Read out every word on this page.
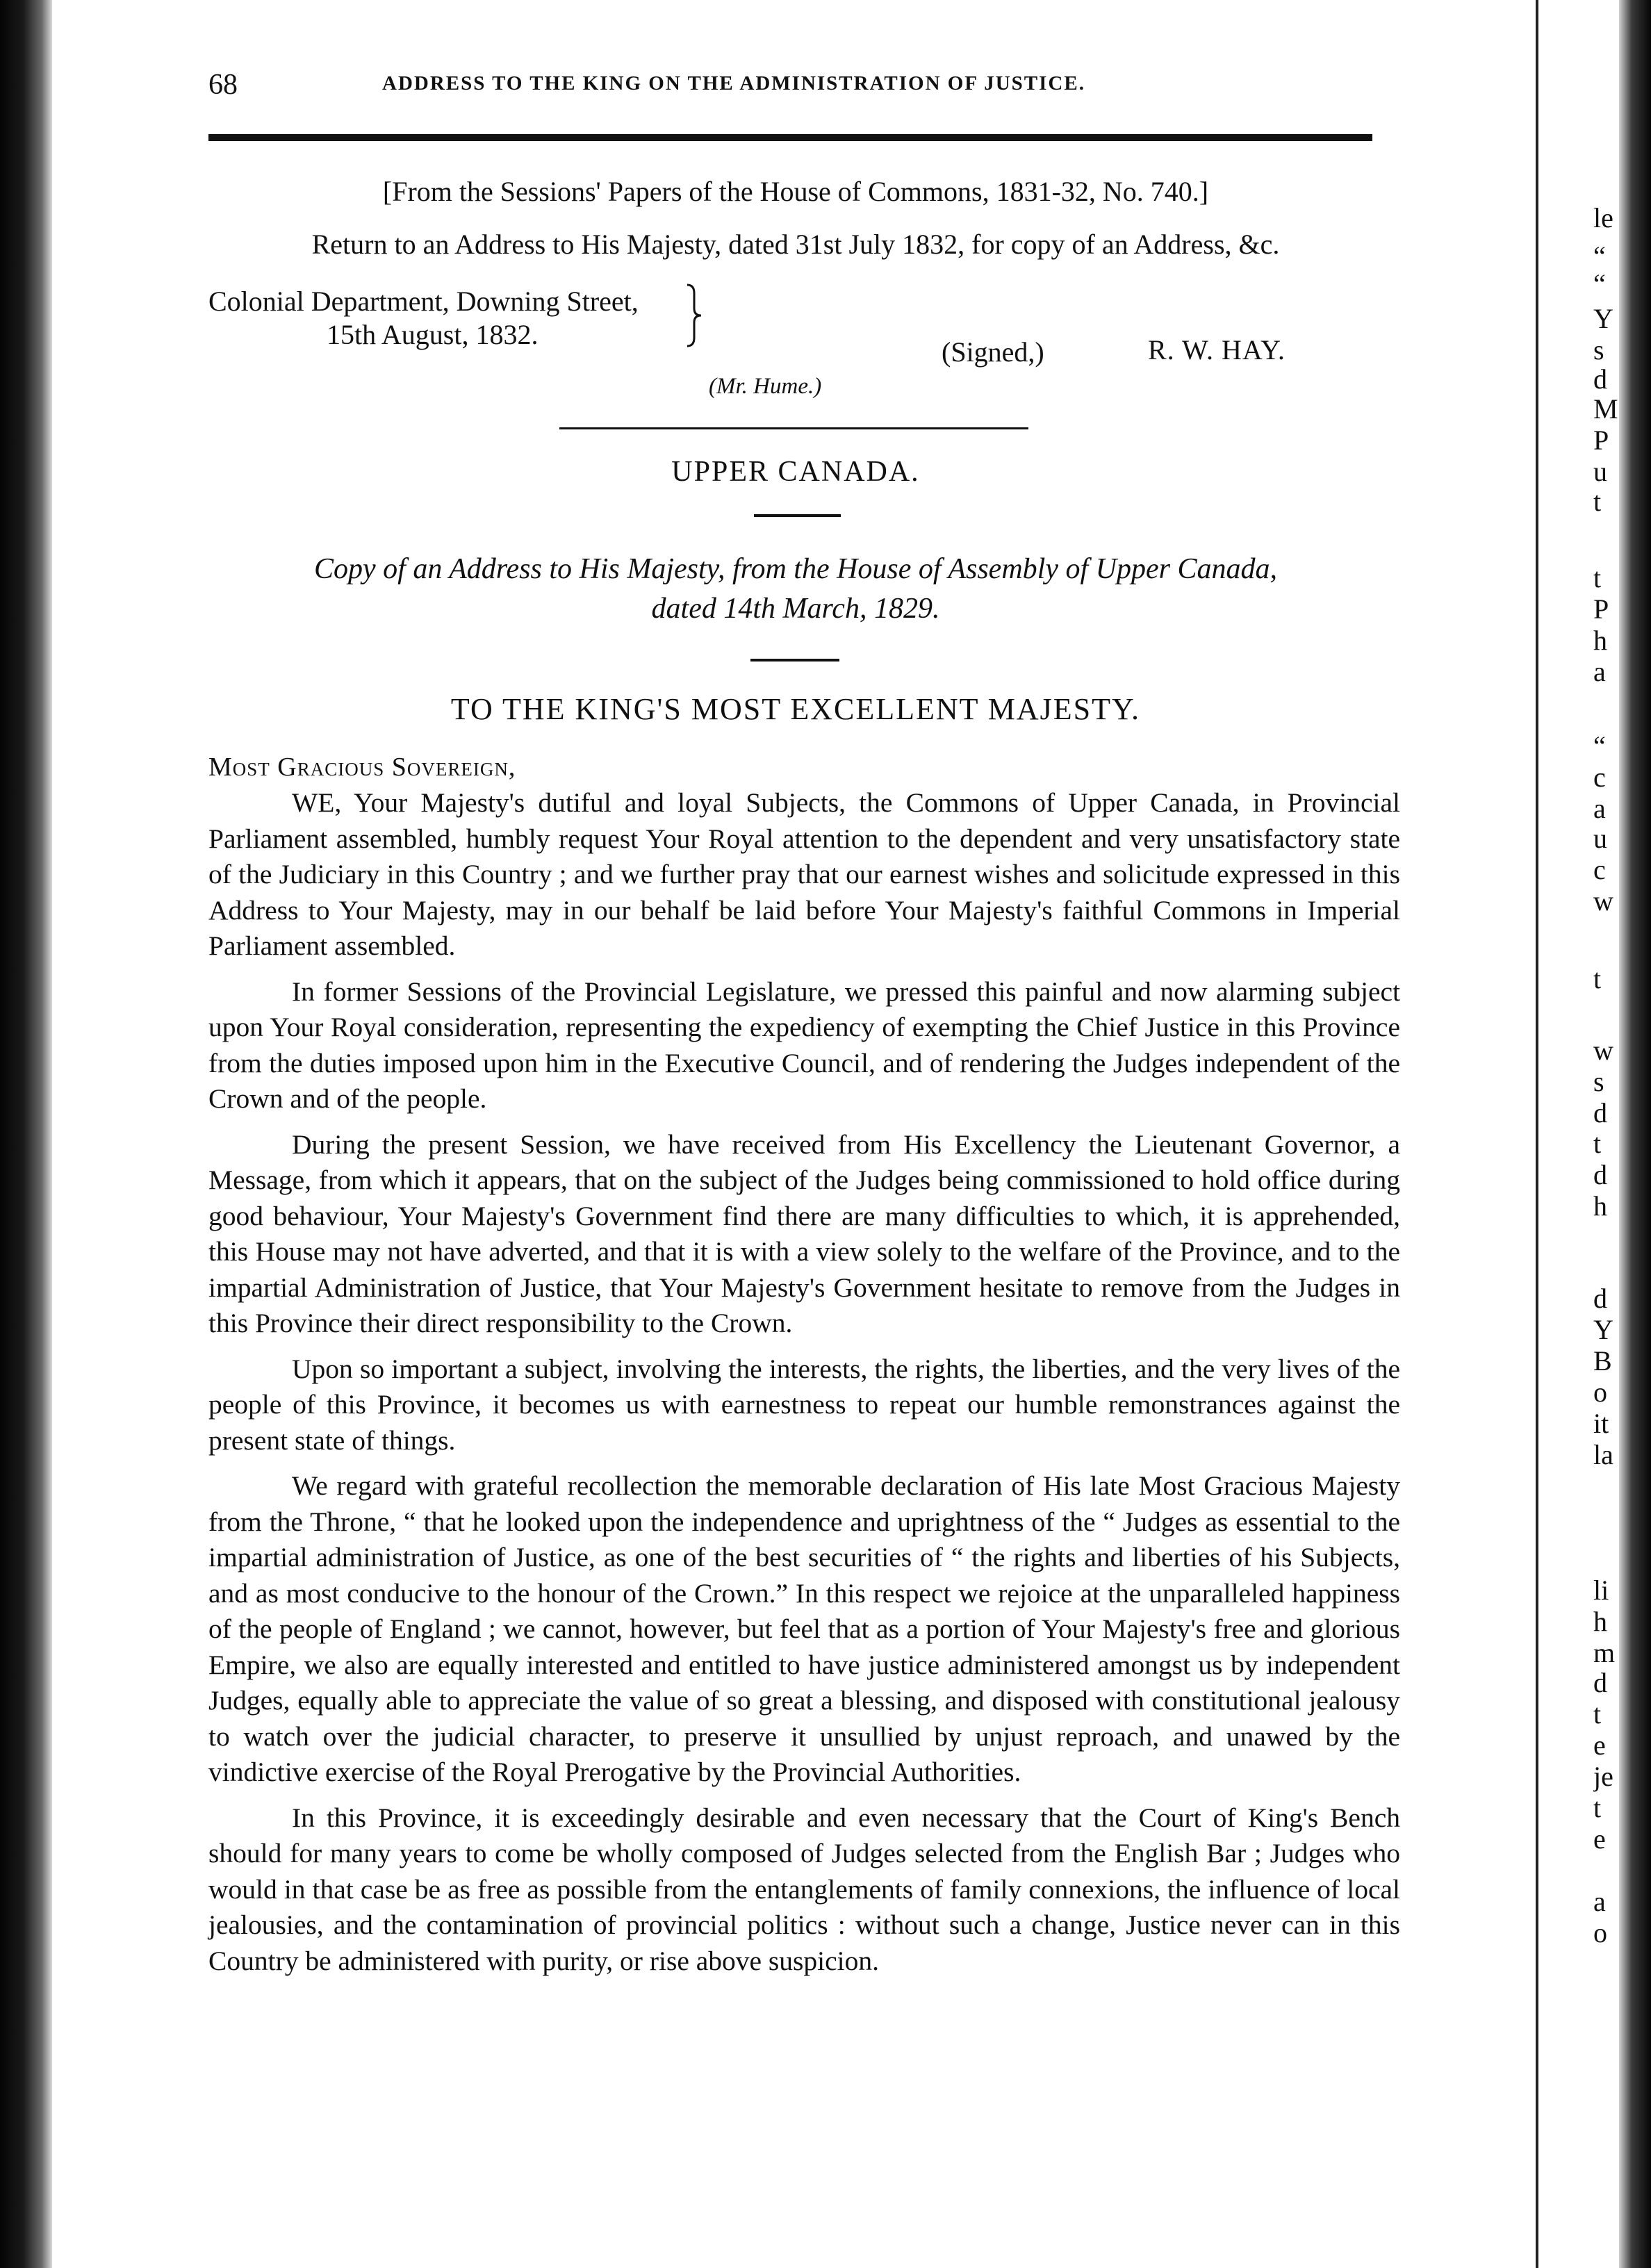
le
“
“
Y
s
d
M
P
u
t
t
P
h
a
“
c
a
u
c
w
t
w
s
d
t
d
h
d
Y
B
o
it
la
li
h
m
d
t
e
je
t
e
a
o
68	ADDRESS TO THE KING ON THE ADMINISTRATION OF JUSTICE.
[From the Sessions' Papers of the House of Commons, 1831-32, No. 740.]
Return to an Address to His Majesty, dated 31st July 1832, for copy of an Address, &c.
Colonial Department, Downing Street,
15th August, 1832.
(Signed,)	R. W. HAY.
(Mr. Hume.)
UPPER CANADA.
Copy of an Address to His Majesty, from the House of Assembly of Upper Canada,
dated 14th March, 1829.
TO THE KING'S MOST EXCELLENT MAJESTY.
Most Gracious Sovereign,

WE, Your Majesty's dutiful and loyal Subjects, the Commons of Upper Canada, in Provincial Parliament assembled, humbly request Your Royal attention to the dependent and very unsatisfactory state of the Judiciary in this Country ; and we further pray that our earnest wishes and solicitude expressed in this Address to Your Majesty, may in our behalf be laid before Your Majesty's faithful Commons in Imperial Parliament assembled.

In former Sessions of the Provincial Legislature, we pressed this painful and now alarming subject upon Your Royal consideration, representing the expediency of exempting the Chief Justice in this Province from the duties imposed upon him in the Executive Council, and of rendering the Judges independent of the Crown and of the people.

During the present Session, we have received from His Excellency the Lieutenant Governor, a Message, from which it appears, that on the subject of the Judges being commissioned to hold office during good behaviour, Your Majesty's Government find there are many difficulties to which, it is apprehended, this House may not have adverted, and that it is with a view solely to the welfare of the Province, and to the impartial Administration of Justice, that Your Majesty's Government hesitate to remove from the Judges in this Province their direct responsibility to the Crown.

Upon so important a subject, involving the interests, the rights, the liberties, and the very lives of the people of this Province, it becomes us with earnestness to repeat our humble remonstrances against the present state of things.

We regard with grateful recollection the memorable declaration of His late Most Gracious Majesty from the Throne, “ that he looked upon the independence and uprightness of the “ Judges as essential to the impartial administration of Justice, as one of the best securities of “ the rights and liberties of his Subjects, and as most conducive to the honour of the Crown.” In this respect we rejoice at the unparalleled happiness of the people of England ; we cannot, however, but feel that as a portion of Your Majesty's free and glorious Empire, we also are equally interested and entitled to have justice administered amongst us by independent Judges, equally able to appreciate the value of so great a blessing, and disposed with constitutional jealousy to watch over the judicial character, to preserve it unsullied by unjust reproach, and unawed by the vindictive exercise of the Royal Prerogative by the Provincial Authorities.

In this Province, it is exceedingly desirable and even necessary that the Court of King's Bench should for many years to come be wholly composed of Judges selected from the English Bar ; Judges who would in that case be as free as possible from the entanglements of family connexions, the influence of local jealousies, and the contamination of provincial politics : without such a change, Justice never can in this Country be administered with purity, or rise above suspicion.
